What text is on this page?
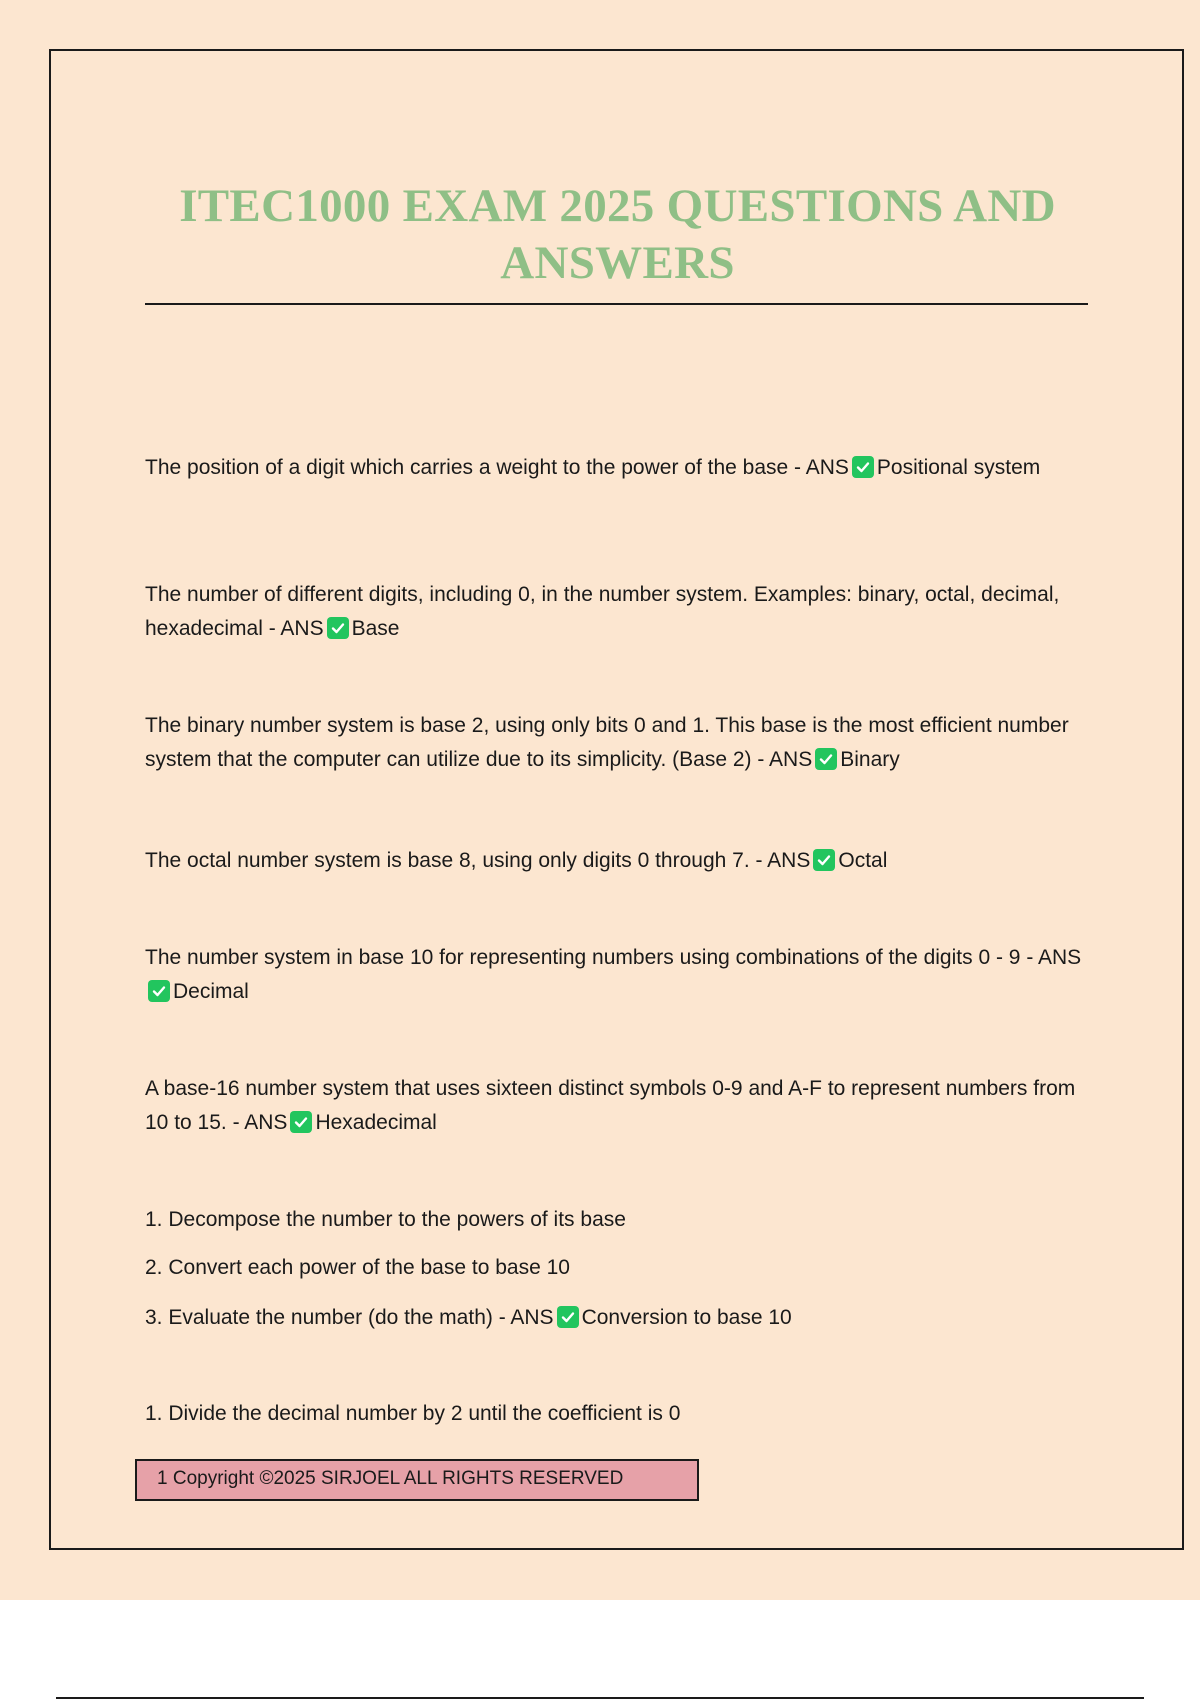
ITEC1000 EXAM 2025 QUESTIONS AND ANSWERS
The position of a digit which carries a weight to the power of the base - ANS Positional system
The number of different digits, including 0, in the number system. Examples: binary, octal, decimal, hexadecimal - ANS Base
The binary number system is base 2, using only bits 0 and 1. This base is the most efficient number system that the computer can utilize due to its simplicity. (Base 2) - ANS Binary
The octal number system is base 8, using only digits 0 through 7. - ANS Octal
The number system in base 10 for representing numbers using combinations of the digits 0 - 9 - ANS
Decimal
A base-16 number system that uses sixteen distinct symbols 0-9 and A-F to represent numbers from 10 to 15. - ANS Hexadecimal
1. Decompose the number to the powers of its base
2. Convert each power of the base to base 10
3. Evaluate the number (do the math) - ANS Conversion to base 10
1. Divide the decimal number by 2 until the coefficient is 0
1 Copyright ©2025 SIRJOEL ALL RIGHTS RESERVED
